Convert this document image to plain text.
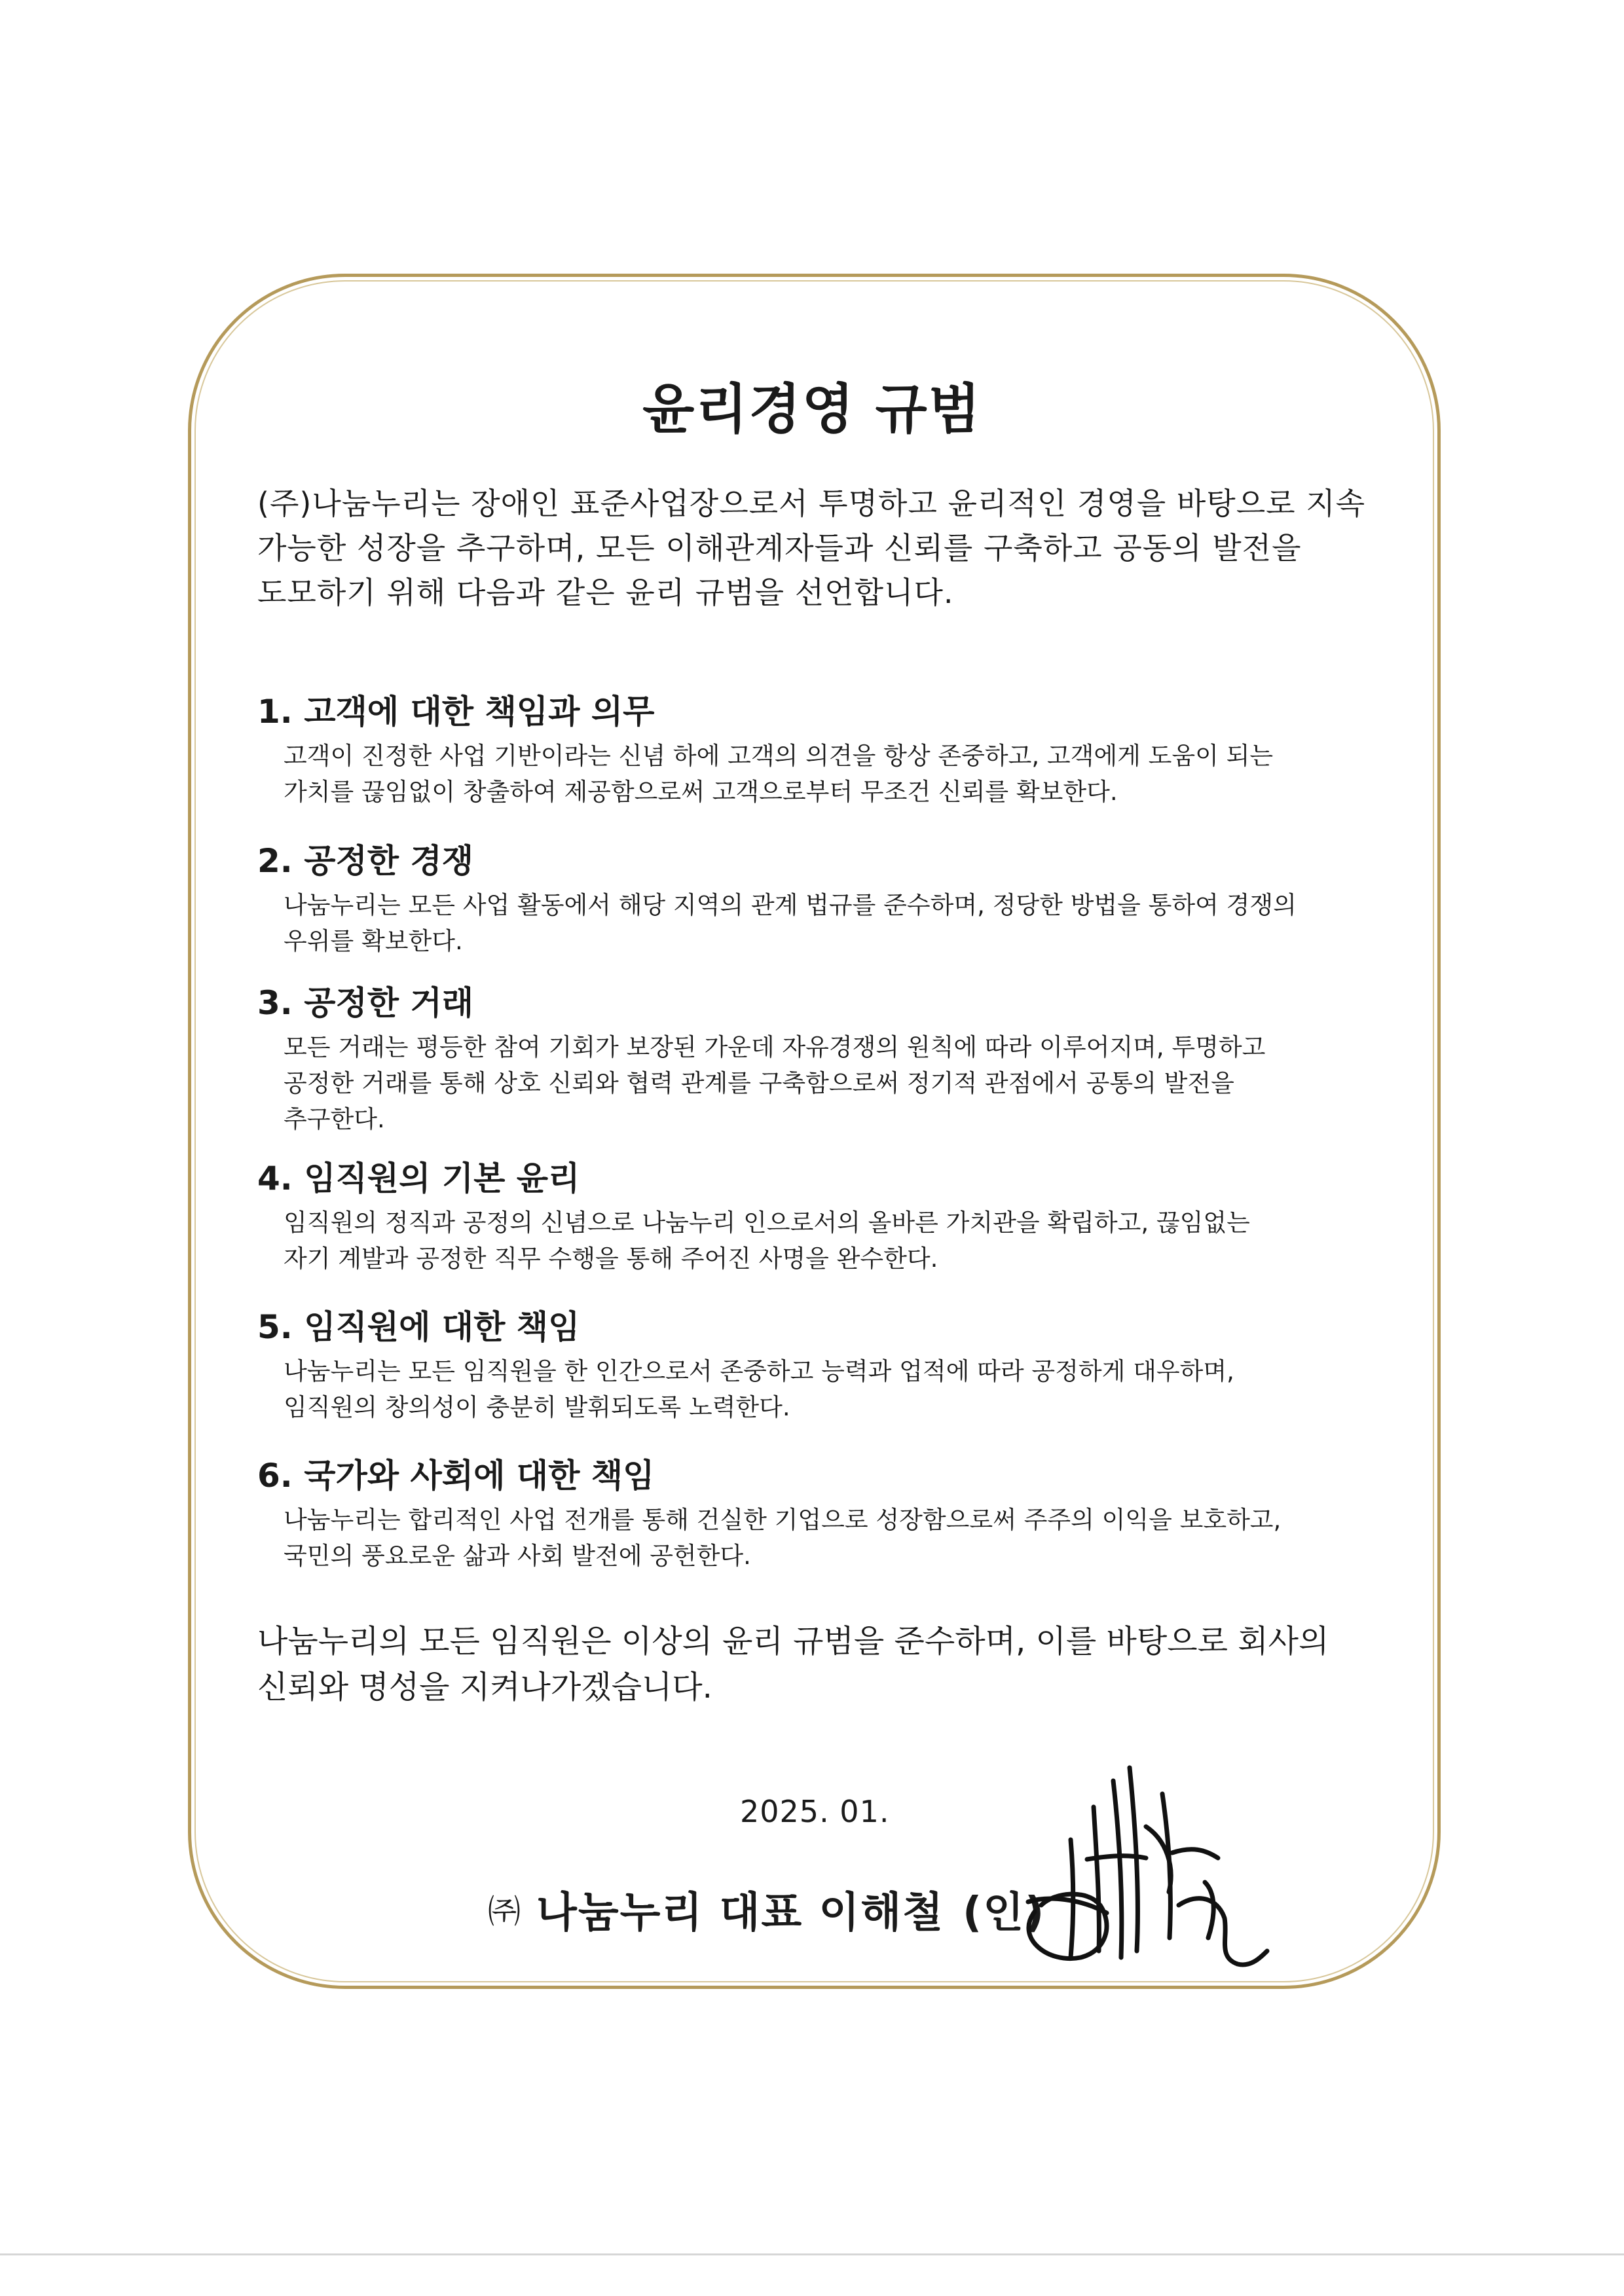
윤리경영 규범
(주)나눔누리는 장애인 표준사업장으로서 투명하고 윤리적인 경영을 바탕으로 지속
가능한 성장을 추구하며, 모든 이해관계자들과 신뢰를 구축하고 공동의 발전을
도모하기 위해 다음과 같은 윤리 규범을 선언합니다.
1. 고객에 대한 책임과 의무
고객이 진정한 사업 기반이라는 신념 하에 고객의 의견을 항상 존중하고, 고객에게 도움이 되는
가치를 끊임없이 창출하여 제공함으로써 고객으로부터 무조건 신뢰를 확보한다.
2. 공정한 경쟁
나눔누리는 모든 사업 활동에서 해당 지역의 관계 법규를 준수하며, 정당한 방법을 통하여 경쟁의
우위를 확보한다.
3. 공정한 거래
모든 거래는 평등한 참여 기회가 보장된 가운데 자유경쟁의 원칙에 따라 이루어지며, 투명하고
공정한 거래를 통해 상호 신뢰와 협력 관계를 구축함으로써 정기적 관점에서 공통의 발전을
추구한다.
4. 임직원의 기본 윤리
임직원의 정직과 공정의 신념으로 나눔누리 인으로서의 올바른 가치관을 확립하고, 끊임없는
자기 계발과 공정한 직무 수행을 통해 주어진 사명을 완수한다.
5. 임직원에 대한 책임
나눔누리는 모든 임직원을 한 인간으로서 존중하고 능력과 업적에 따라 공정하게 대우하며,
임직원의 창의성이 충분히 발휘되도록 노력한다.
6. 국가와 사회에 대한 책임
나눔누리는 합리적인 사업 전개를 통해 건실한 기업으로 성장함으로써 주주의 이익을 보호하고,
국민의 풍요로운 삶과 사회 발전에 공헌한다.
나눔누리의 모든 임직원은 이상의 윤리 규범을 준수하며, 이를 바탕으로 회사의
신뢰와 명성을 지켜나가겠습니다.
2025. 01.
㈜ 나눔누리 대표 이해철 (인)
